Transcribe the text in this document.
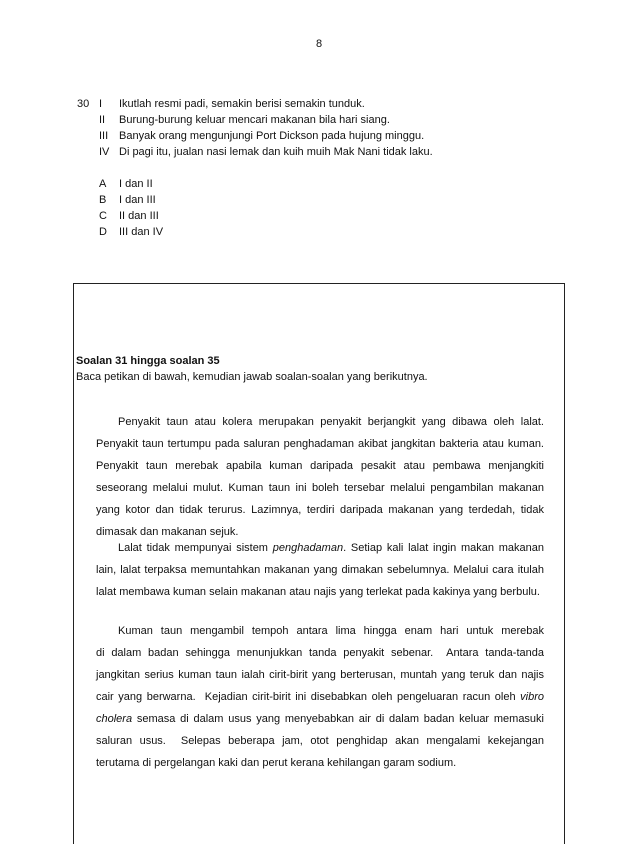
8
30 I	Ikutlah resmi padi, semakin berisi semakin tunduk.
II	Burung-burung keluar mencari makanan bila hari siang.
III Banyak orang mengunjungi Port Dickson pada hujung minggu.
IV Di pagi itu, jualan nasi lemak dan kuih muih Mak Nani tidak laku.
A	I dan II
B	I dan III
C	II dan III
D	III dan IV
Soalan 31 hingga soalan 35
Baca petikan di bawah, kemudian jawab soalan-soalan yang berikutnya.

Penyakit taun atau kolera merupakan penyakit berjangkit yang dibawa oleh lalat. Penyakit taun tertumpu pada saluran penghadaman akibat jangkitan bakteria atau kuman. Penyakit taun merebak apabila kuman daripada pesakit atau pembawa menjangkiti seseorang melalui mulut. Kuman taun ini boleh tersebar melalui pengambilan makanan yang kotor dan tidak terurus. Lazimnya, terdiri daripada makanan yang terdedah, tidak dimasak dan makanan sejuk.

Lalat tidak mempunyai sistem penghadaman. Setiap kali lalat ingin makan makanan lain, lalat terpaksa memuntahkan makanan yang dimakan sebelumnya. Melalui cara itulah lalat membawa kuman selain makanan atau najis yang terlekat pada kakinya yang berbulu.

Kuman taun mengambil tempoh antara lima hingga enam hari untuk merebak                di dalam badan sehingga menunjukkan tanda penyakit sebenar.  Antara tanda-tanda jangkitan serius kuman taun ialah cirit-birit yang berterusan, muntah yang teruk dan najis cair yang berwarna.  Kejadian cirit-birit ini disebabkan oleh pengeluaran racun oleh vibro cholera semasa di dalam usus yang menyebabkan air di dalam badan keluar memasuki saluran usus.  Selepas beberapa jam, otot penghidap akan mengalami kekejangan terutama di pergelangan kaki dan perut kerana kehilangan garam sodium.
